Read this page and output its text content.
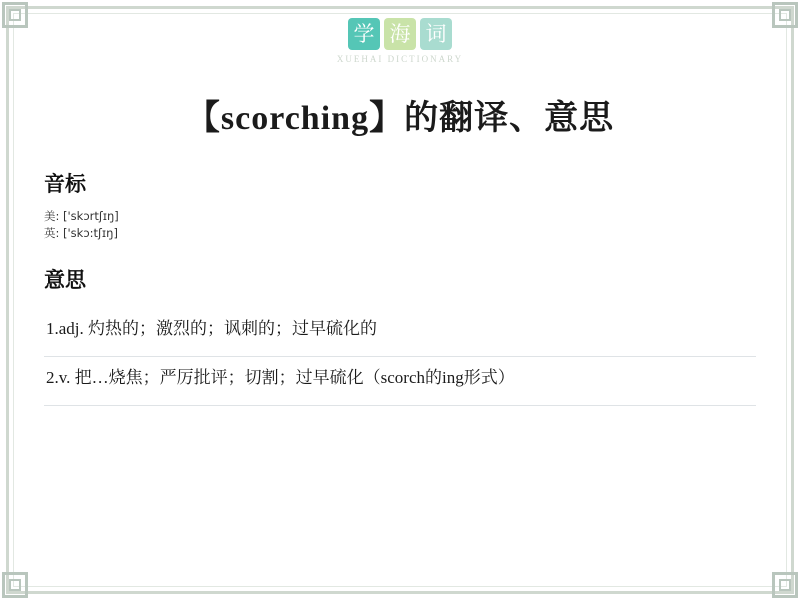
学 海 词
XUEHAI DICTIONARY
【scorching】的翻译、意思
音标
美: ['skɔrtʃɪŋ]
英: ['skɔ:tʃɪŋ]
意思
1.adj. 灼热的；激烈的；讽刺的；过早硫化的
2.v. 把…烧焦；严厉批评；切割；过早硫化（scorch的ing形式）
